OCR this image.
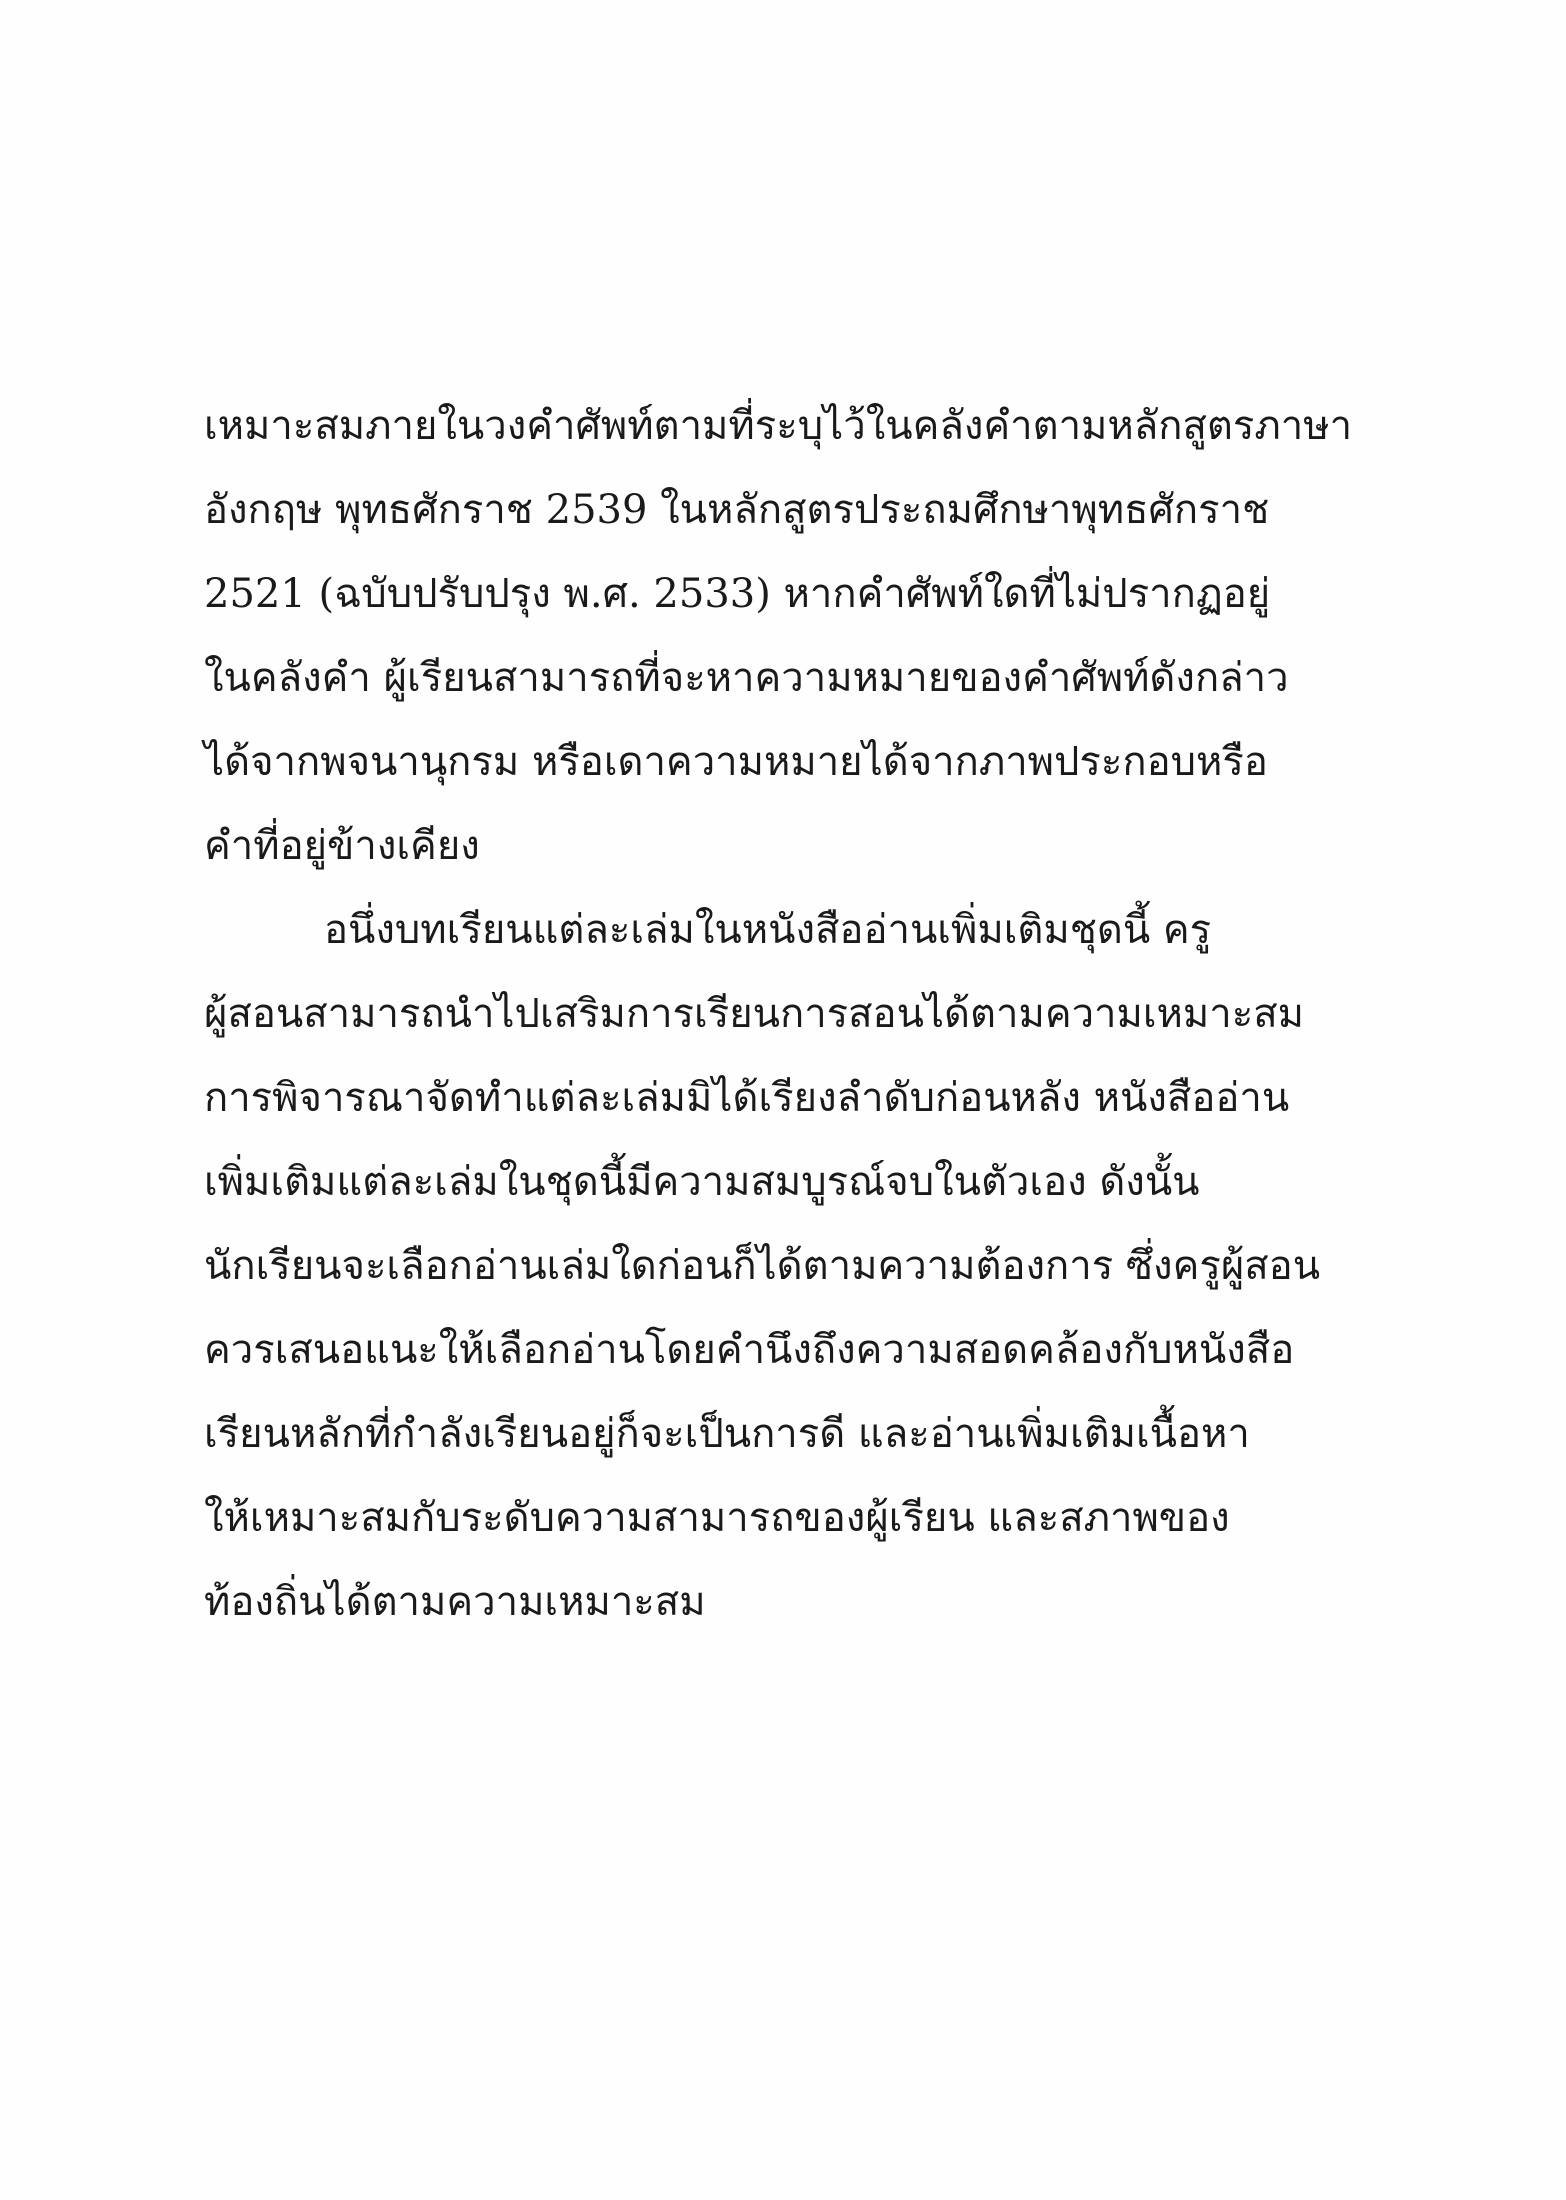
เหมาะสมภายในวงคำศัพท์ตามที่ระบุไว้ในคลังคำตามหลักสูตรภาษา
อังกฤษ พุทธศักราช 2539 ในหลักสูตรประถมศึกษาพุทธศักราช
2521 (ฉบับปรับปรุง พ.ศ. 2533) หากคำศัพท์ใดที่ไม่ปรากฏอยู่
ในคลังคำ ผู้เรียนสามารถที่จะหาความหมายของคำศัพท์ดังกล่าว
ได้จากพจนานุกรม หรือเดาความหมายได้จากภาพประกอบหรือ
คำที่อยู่ข้างเคียง
อนึ่งบทเรียนแต่ละเล่มในหนังสืออ่านเพิ่มเติมชุดนี้ ครู
ผู้สอนสามารถนำไปเสริมการเรียนการสอนได้ตามความเหมาะสม
การพิจารณาจัดทำแต่ละเล่มมิได้เรียงลำดับก่อนหลัง หนังสืออ่าน
เพิ่มเติมแต่ละเล่มในชุดนี้มีความสมบูรณ์จบในตัวเอง ดังนั้น
นักเรียนจะเลือกอ่านเล่มใดก่อนก็ได้ตามความต้องการ ซึ่งครูผู้สอน
ควรเสนอแนะให้เลือกอ่านโดยคำนึงถึงความสอดคล้องกับหนังสือ
เรียนหลักที่กำลังเรียนอยู่ก็จะเป็นการดี และอ่านเพิ่มเติมเนื้อหา
ให้เหมาะสมกับระดับความสามารถของผู้เรียน และสภาพของ
ท้องถิ่นได้ตามความเหมาะสม
